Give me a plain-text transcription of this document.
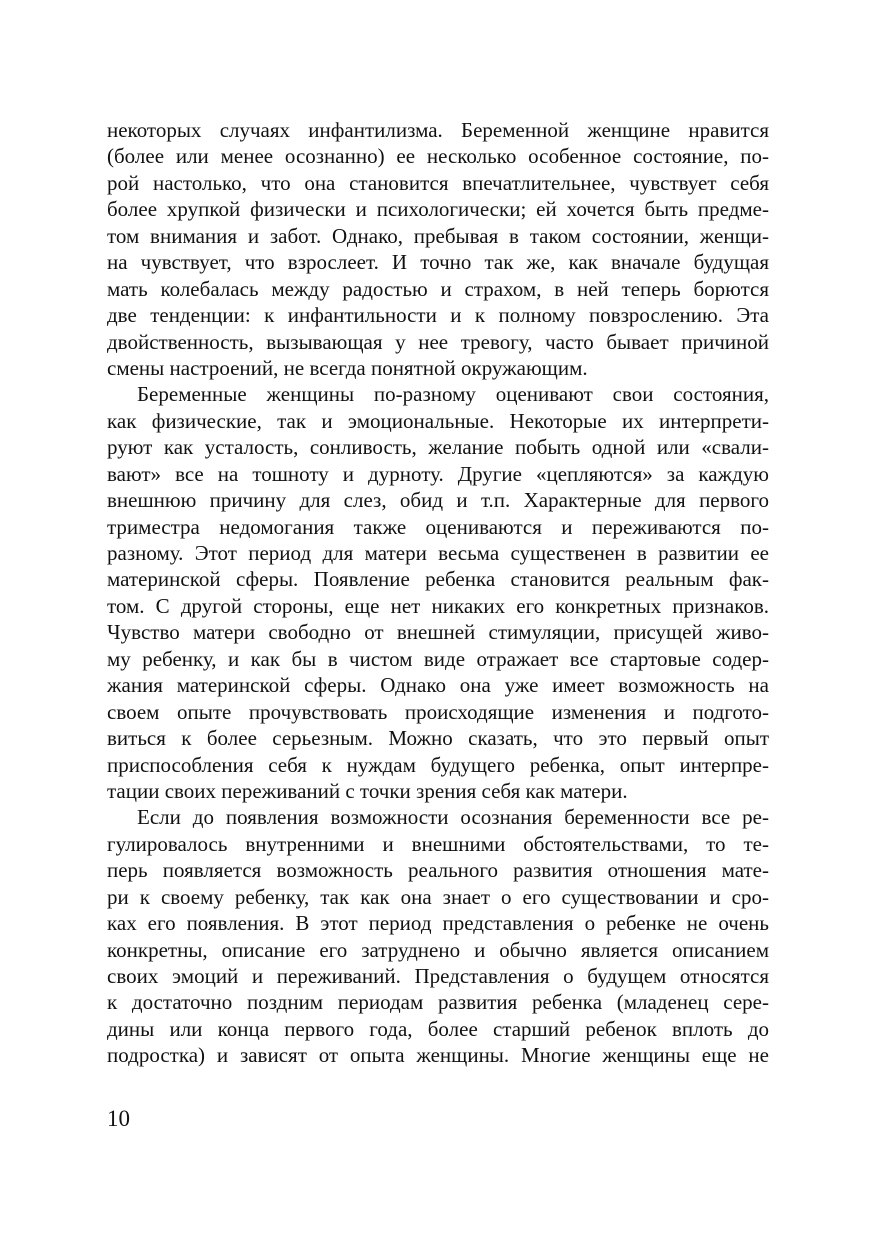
некоторых случаях инфантилизма. Беременной женщине нравится
(более или менее осознанно) ее несколько особенное состояние, по-
рой настолько, что она становится впечатлительнее, чувствует себя
более хрупкой физически и психологически; ей хочется быть предме-
том внимания и забот. Однако, пребывая в таком состоянии, женщи-
на чувствует, что взрослеет. И точно так же, как вначале будущая
мать колебалась между радостью и страхом, в ней теперь борются
две тенденции: к инфантильности и к полному повзрослению. Эта
двойственность, вызывающая у нее тревогу, часто бывает причиной
смены настроений, не всегда понятной окружающим.
Беременные женщины по-разному оценивают свои состояния,
как физические, так и эмоциональные. Некоторые их интерпрети-
руют как усталость, сонливость, желание побыть одной или «свали-
вают» все на тошноту и дурноту. Другие «цепляются» за каждую
внешнюю причину для слез, обид и т.п. Характерные для первого
триместра недомогания также оцениваются и переживаются по-
разному. Этот период для матери весьма существенен в развитии ее
материнской сферы. Появление ребенка становится реальным фак-
том. С другой стороны, еще нет никаких его конкретных признаков.
Чувство матери свободно от внешней стимуляции, присущей живо-
му ребенку, и как бы в чистом виде отражает все стартовые содер-
жания материнской сферы. Однако она уже имеет возможность на
своем опыте прочувствовать происходящие изменения и подгото-
виться к более серьезным. Можно сказать, что это первый опыт
приспособления себя к нуждам будущего ребенка, опыт интерпре-
тации своих переживаний с точки зрения себя как матери.
Если до появления возможности осознания беременности все ре-
гулировалось внутренними и внешними обстоятельствами, то те-
перь появляется возможность реального развития отношения мате-
ри к своему ребенку, так как она знает о его существовании и сро-
ках его появления. В этот период представления о ребенке не очень
конкретны, описание его затруднено и обычно является описанием
своих эмоций и переживаний. Представления о будущем относятся
к достаточно поздним периодам развития ребенка (младенец сере-
дины или конца первого года, более старший ребенок вплоть до
подростка) и зависят от опыта женщины. Многие женщины еще не
10
